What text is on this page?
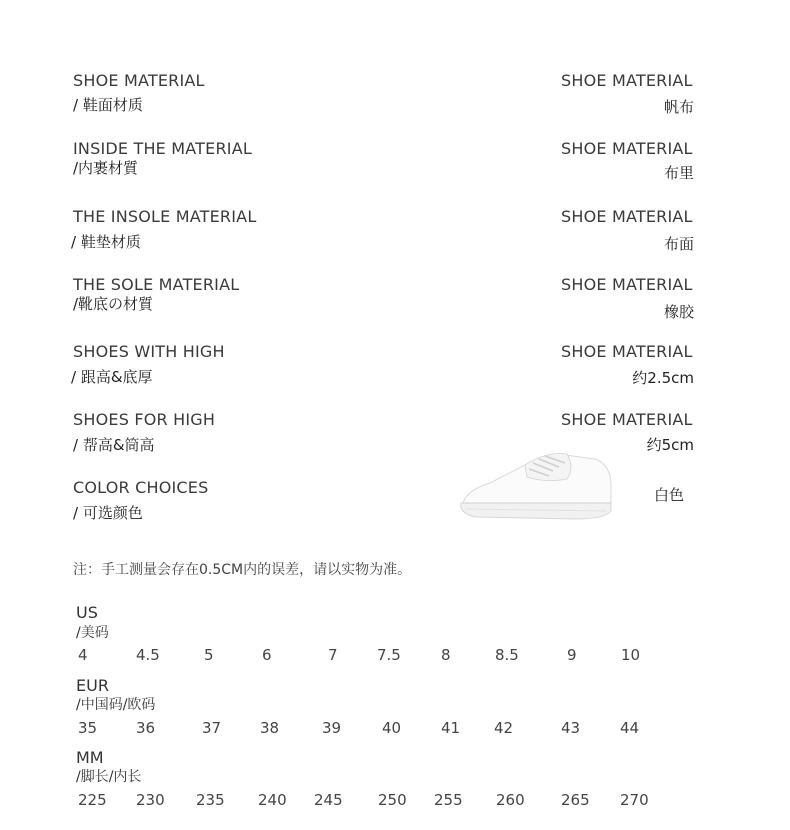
SHOE MATERIAL
/ 鞋面材质
SHOE MATERIAL
帆布
INSIDE THE MATERIAL
/内裹材質
SHOE MATERIAL
布里
THE INSOLE MATERIAL
/ 鞋垫材质
SHOE MATERIAL
布面
THE SOLE MATERIAL
/靴底の材質
SHOE MATERIAL
橡胶
SHOES WITH HIGH
/ 跟高&底厚
SHOE MATERIAL
约2.5cm
SHOES FOR HIGH
/ 帮高&筒高
SHOE MATERIAL
约5cm
COLOR CHOICES
/ 可选颜色
白色
注：手工测量会存在0.5CM内的误差，请以实物为准。
US
/美码
4	4.5	5	6	7	7.5	8	8.5	9	10
EUR
/中国码/欧码
35	36	37	38	39	40	41 42	43	44
MM
/脚长/内长
225 230 235 240 245 250 255 260 265 270
